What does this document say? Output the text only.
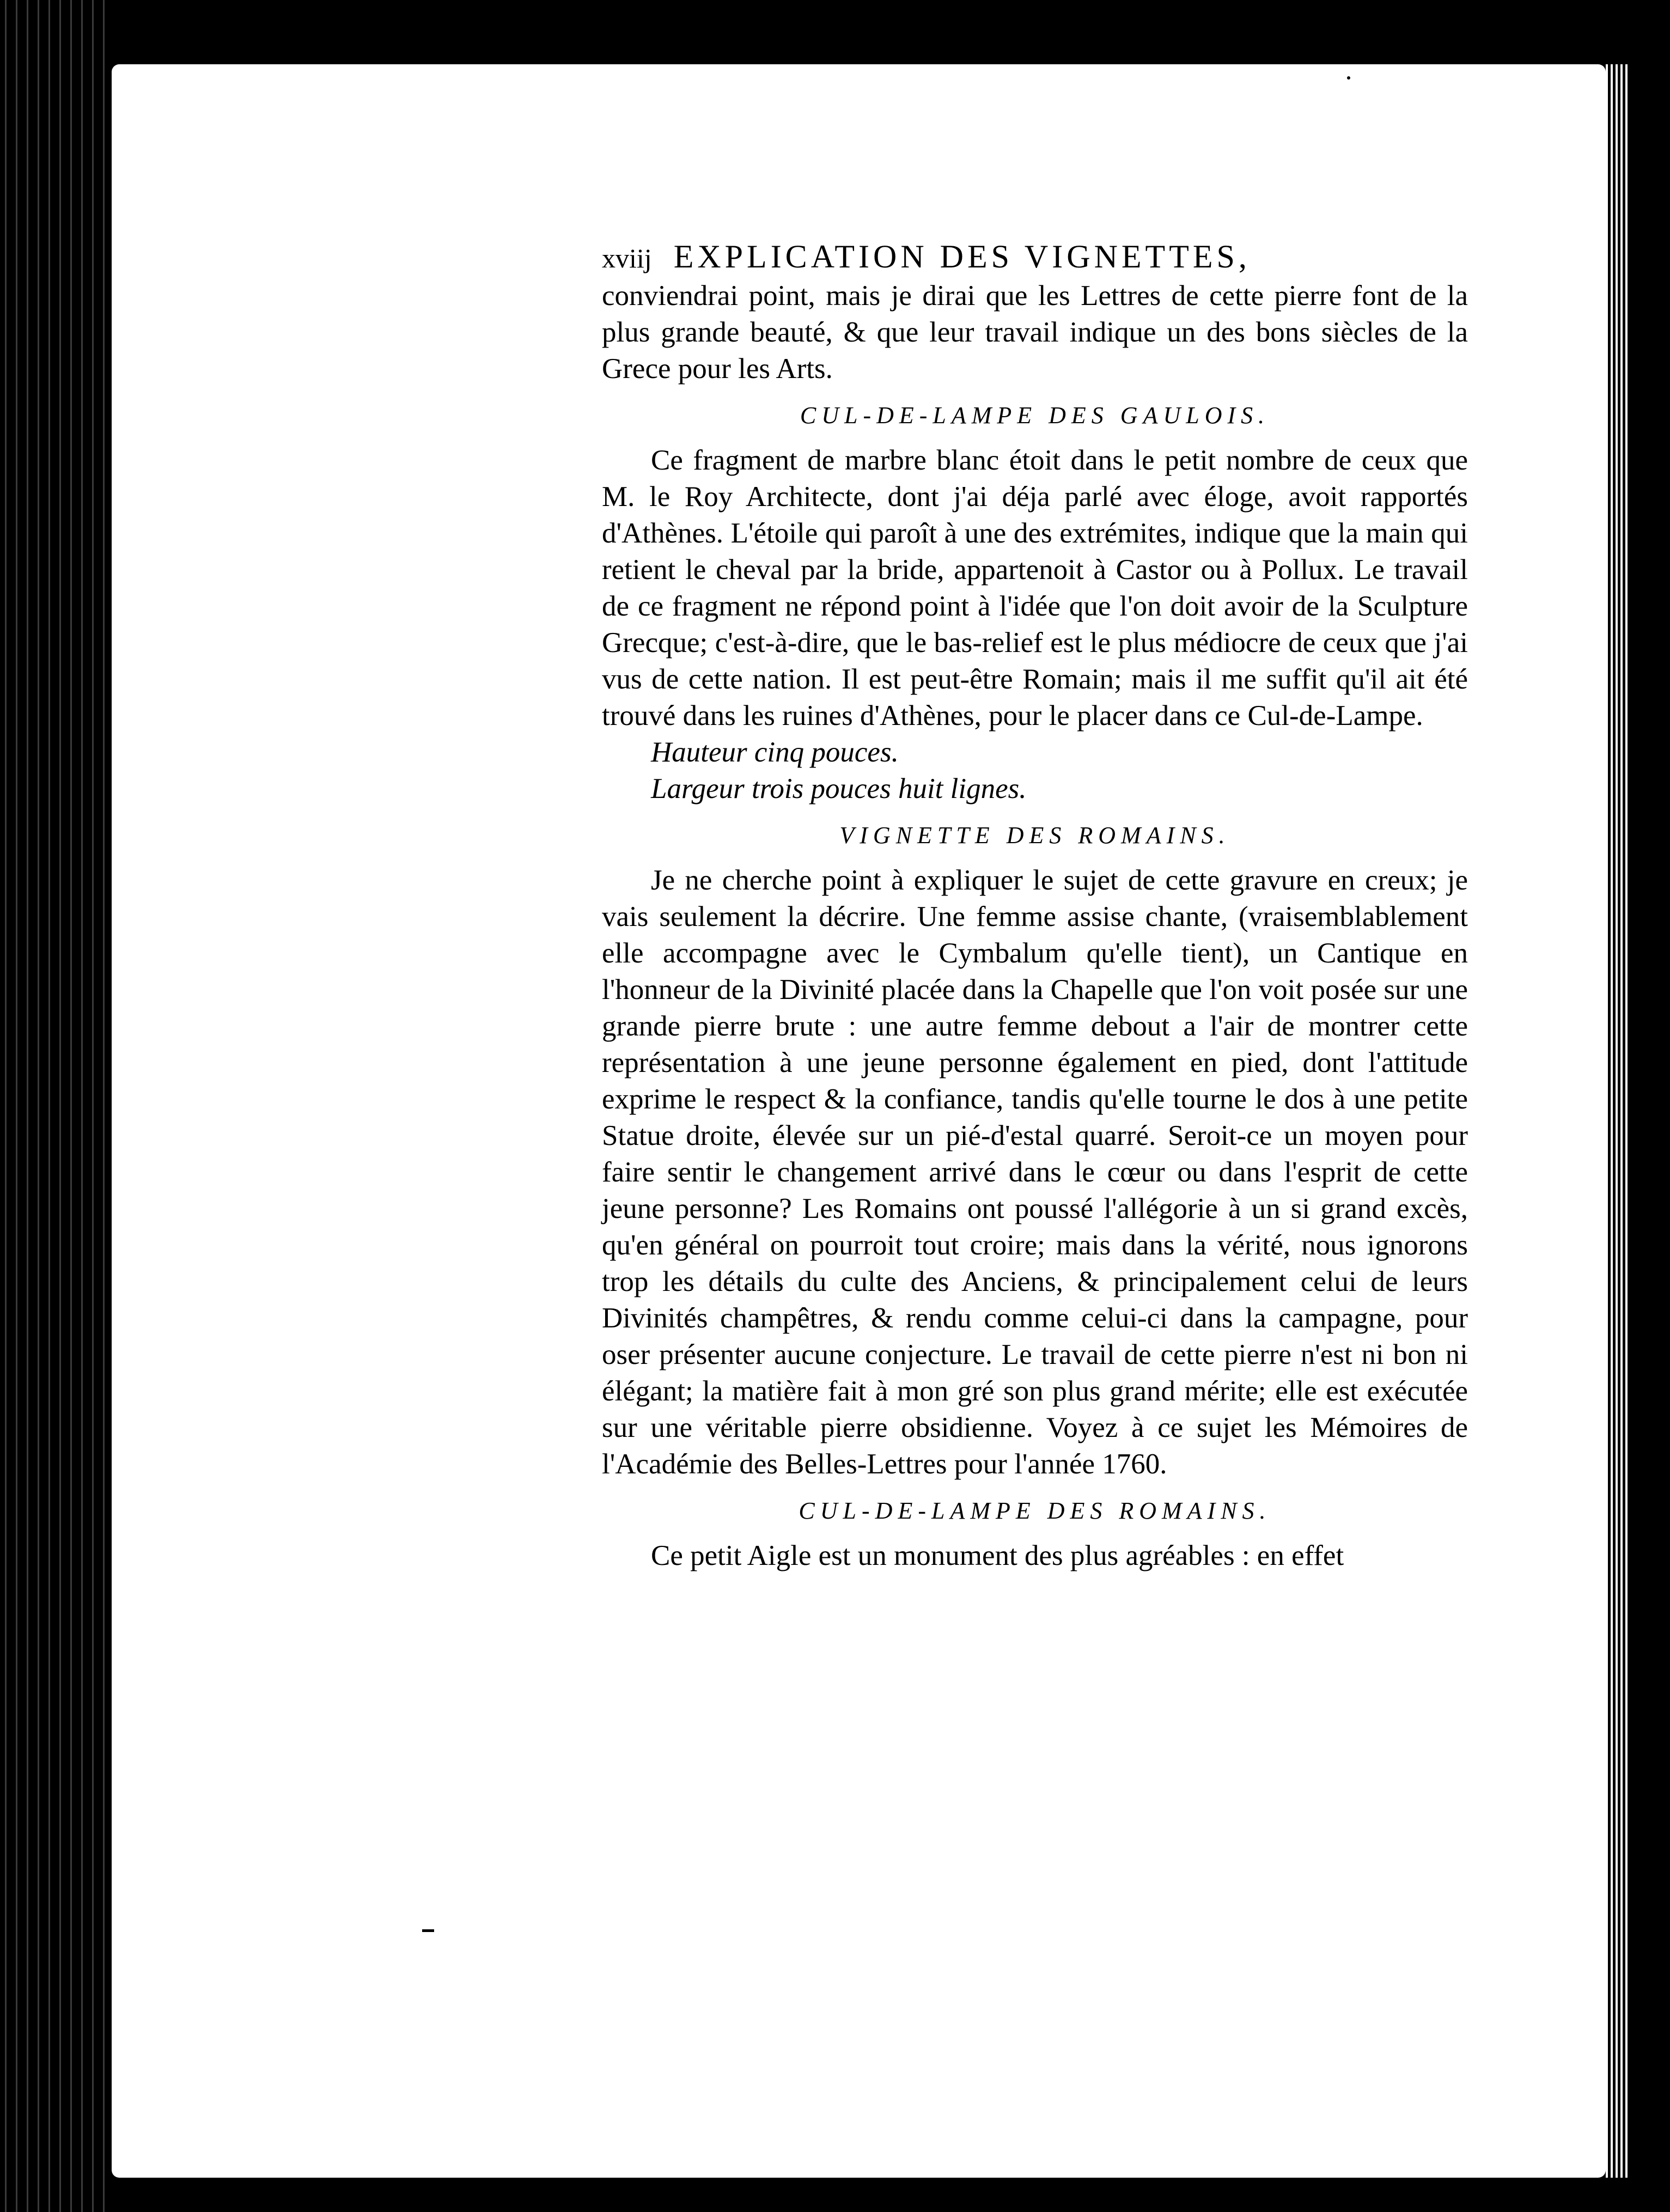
xviij EXPLICATION DES VIGNETTES,

conviendrai point, mais je dirai que les Lettres de cette pierre font de la plus grande beauté, & que leur travail indique un des bons siècles de la Grece pour les Arts.

CUL-DE-LAMPE DES GAULOIS.

Ce fragment de marbre blanc étoit dans le petit nombre de ceux que M. le Roy Architecte, dont j'ai déja parlé avec éloge, avoit rapportés d'Athènes. L'étoile qui paroît à une des extrémites, indique que la main qui retient le cheval par la bride, appartenoit à Castor ou à Pollux. Le travail de ce fragment ne répond point à l'idée que l'on doit avoir de la Sculpture Grecque; c'est-à-dire, que le bas-relief est le plus médiocre de ceux que j'ai vus de cette nation. Il est peut-être Romain; mais il me suffit qu'il ait été trouvé dans les ruines d'Athènes, pour le placer dans ce Cul-de-Lampe.

Hauteur cinq pouces.

Largeur trois pouces huit lignes.

VIGNETTE DES ROMAINS.

Je ne cherche point à expliquer le sujet de cette gravure en creux; je vais seulement la décrire. Une femme assise chante, (vraisemblablement elle accompagne avec le Cymbalum qu'elle tient), un Cantique en l'honneur de la Divinité placée dans la Chapelle que l'on voit posée sur une grande pierre brute : une autre femme debout a l'air de montrer cette représentation à une jeune personne également en pied, dont l'attitude exprime le respect & la confiance, tandis qu'elle tourne le dos à une petite Statue droite, élevée sur un pié-d'estal quarré. Seroit-ce un moyen pour faire sentir le changement arrivé dans le cœur ou dans l'esprit de cette jeune personne? Les Romains ont poussé l'allégorie à un si grand excès, qu'en général on pourroit tout croire; mais dans la vérité, nous ignorons trop les détails du culte des Anciens, & principalement celui de leurs Divinités champêtres, & rendu comme celui-ci dans la campagne, pour oser présenter aucune conjecture. Le travail de cette pierre n'est ni bon ni élégant; la matière fait à mon gré son plus grand mérite; elle est exécutée sur une véritable pierre obsidienne. Voyez à ce sujet les Mémoires de l'Académie des Belles-Lettres pour l'année 1760.

CUL-DE-LAMPE DES ROMAINS.

Ce petit Aigle est un monument des plus agréables : en effet
